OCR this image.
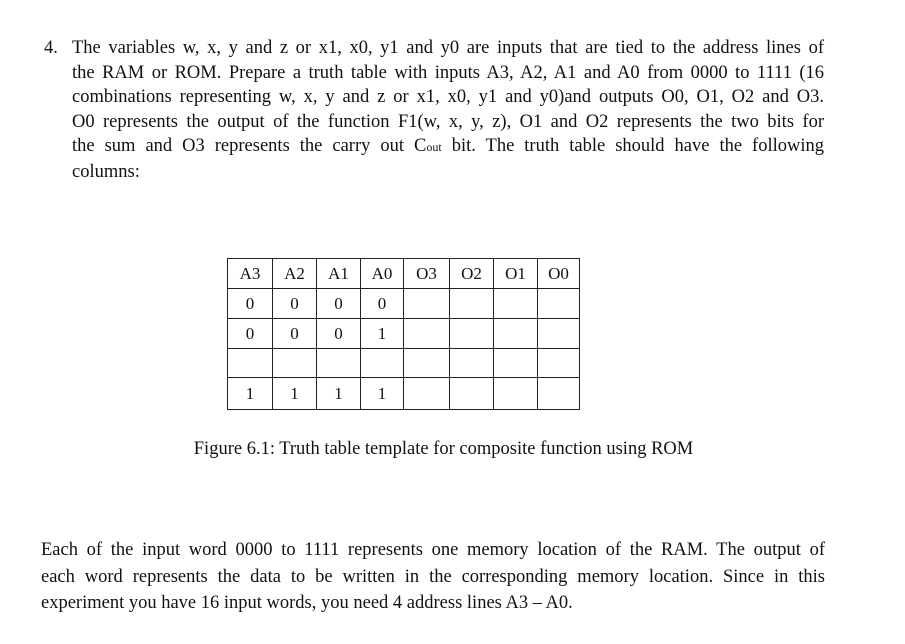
4. The variables w, x, y and z or x1, x0, y1 and y0 are inputs that are tied to the address lines of
the RAM or ROM. Prepare a truth table with inputs A3, A2, A1 and A0 from 0000 to 1111 (16
combinations representing w, x, y and z or x1, x0, y1 and y0)and outputs O0, O1, O2 and O3.
O0 represents the output of the function F1(w, x, y, z), O1 and O2 represents the two bits for
the sum and O3 represents the carry out Cout bit. The truth table should have the following
columns:
A3	A2	A1	A0	O3	O2	O1	O0
0	0	0	0				
0	0	0	1				

1	1	1	1				
Figure 6.1: Truth table template for composite function using ROM
Each of the input word 0000 to 1111 represents one memory location of the RAM. The output of
each word represents the data to be written in the corresponding memory location. Since in this
experiment you have 16 input words, you need 4 address lines A3 – A0.
